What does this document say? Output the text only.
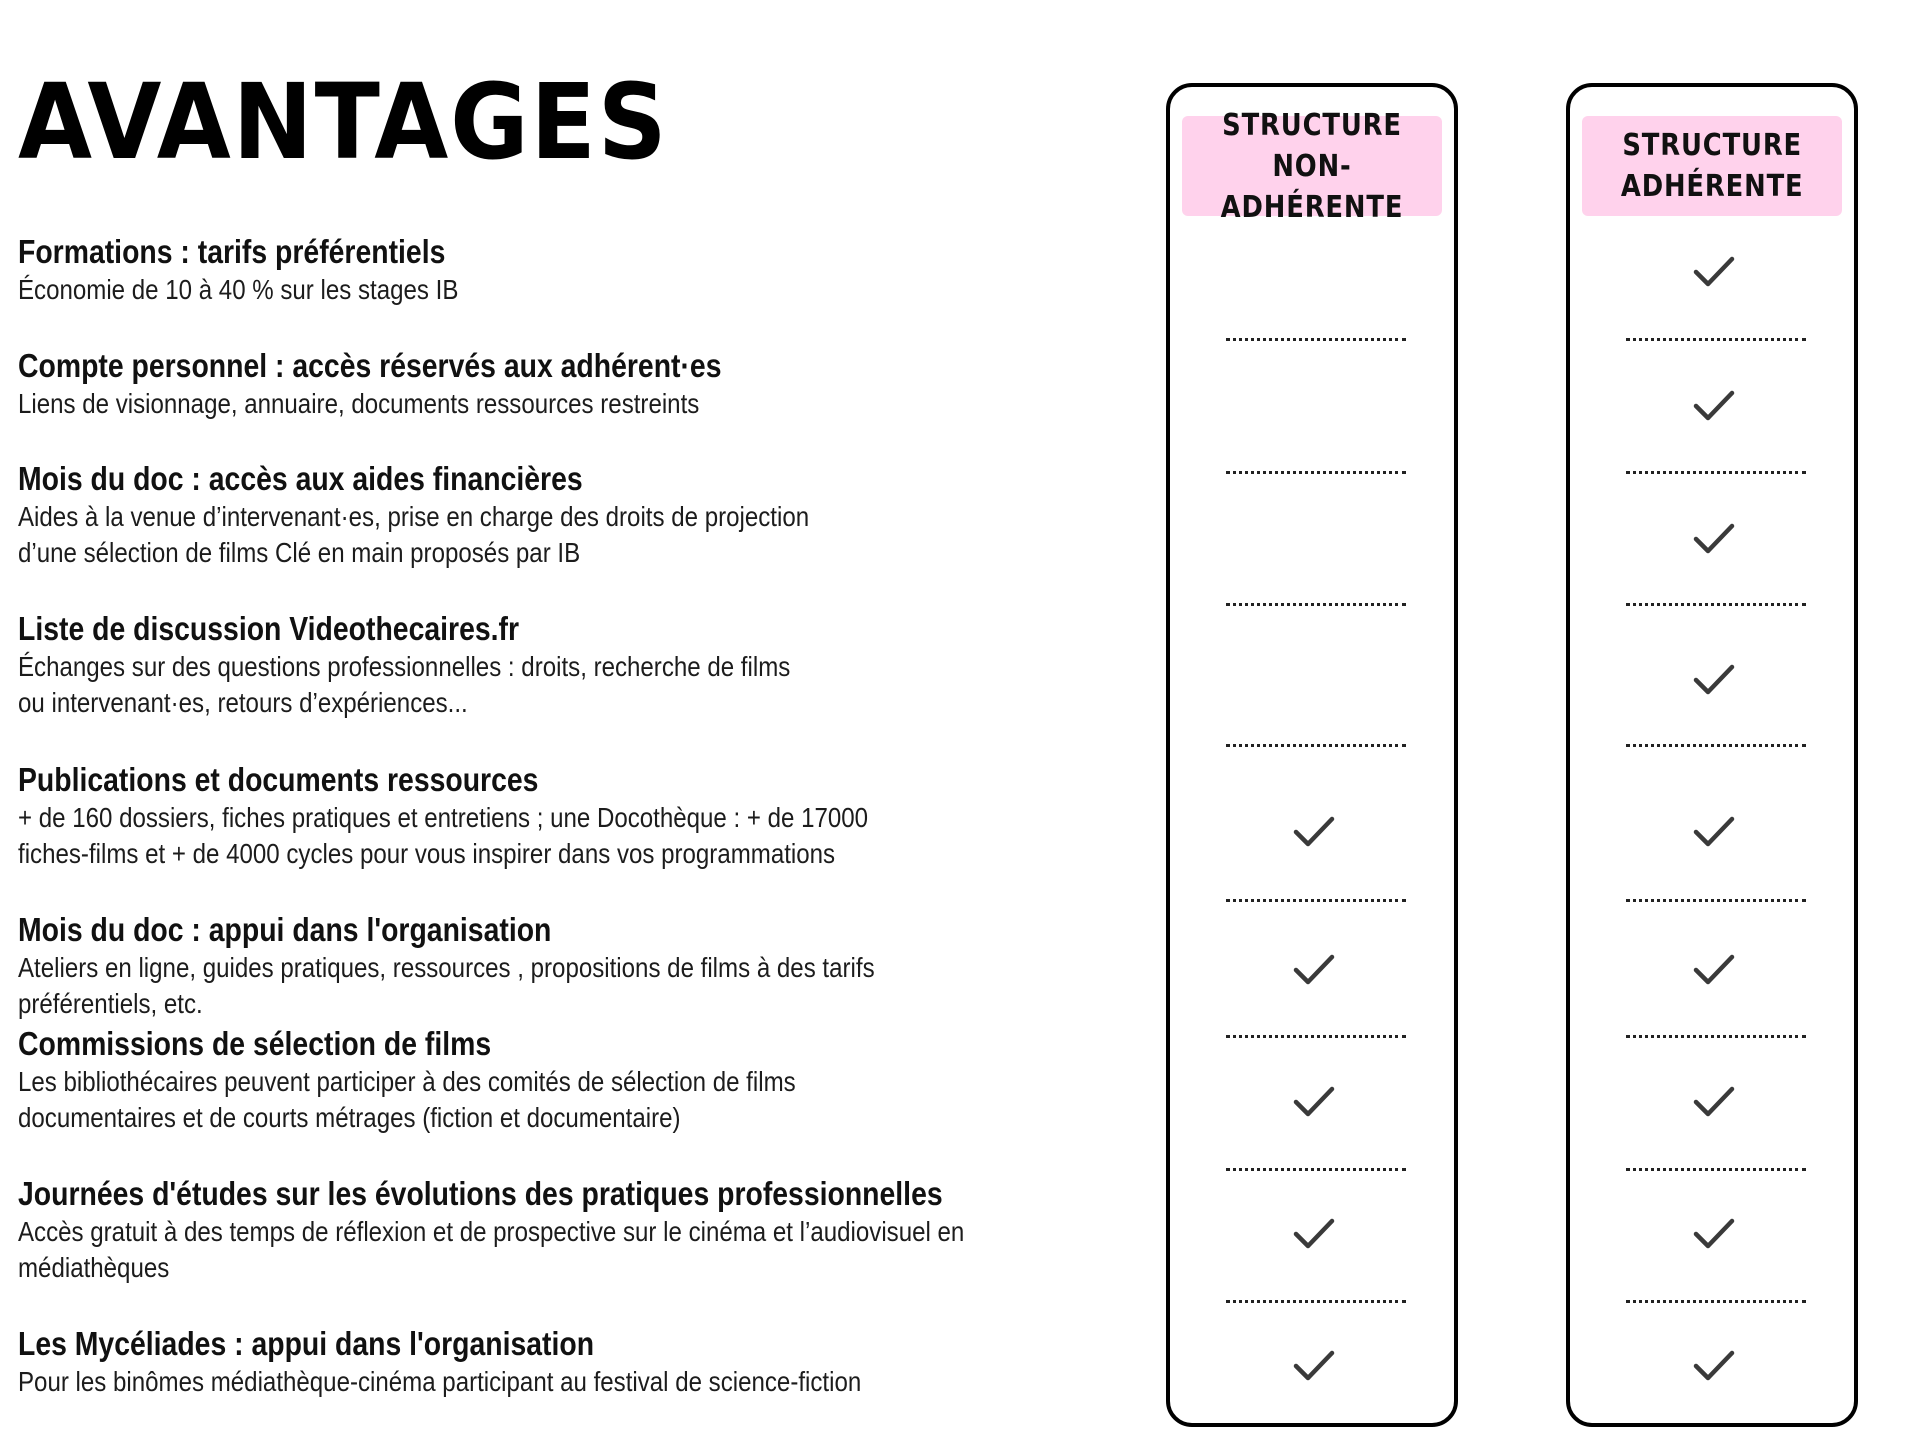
AVANTAGES
Formations : tarifs préférentiels
Économie de 10 à 40 % sur les stages IB
Compte personnel : accès réservés aux adhérent·es
Liens de visionnage, annuaire, documents ressources restreints
Mois du doc : accès aux aides financières
Aides à la venue d’intervenant·es, prise en charge des droits de projection
d’une sélection de films Clé en main proposés par IB
Liste de discussion Videothecaires.fr
Échanges sur des questions professionnelles : droits, recherche de films
ou intervenant·es, retours d’expériences...
Publications et documents ressources
+ de 160 dossiers, fiches pratiques et entretiens ; une Docothèque : + de 17000
fiches-films et + de 4000 cycles pour vous inspirer dans vos programmations
Mois du doc : appui dans l'organisation
Ateliers en ligne, guides pratiques, ressources , propositions de films à des tarifs préférentiels, etc.
Commissions de sélection de films
Les bibliothécaires peuvent participer à des comités de sélection de films
documentaires et de courts métrages (fiction et documentaire)
Journées d'études sur les évolutions des pratiques professionnelles
Accès gratuit à des temps de réflexion et de prospective sur le cinéma et l’audiovisuel en
médiathèques
Les Mycéliades : appui dans l'organisation
Pour les binômes médiathèque-cinéma participant au festival de science-fiction
STRUCTURE NON-
ADHÉRENTE
STRUCTURE
ADHÉRENTE
